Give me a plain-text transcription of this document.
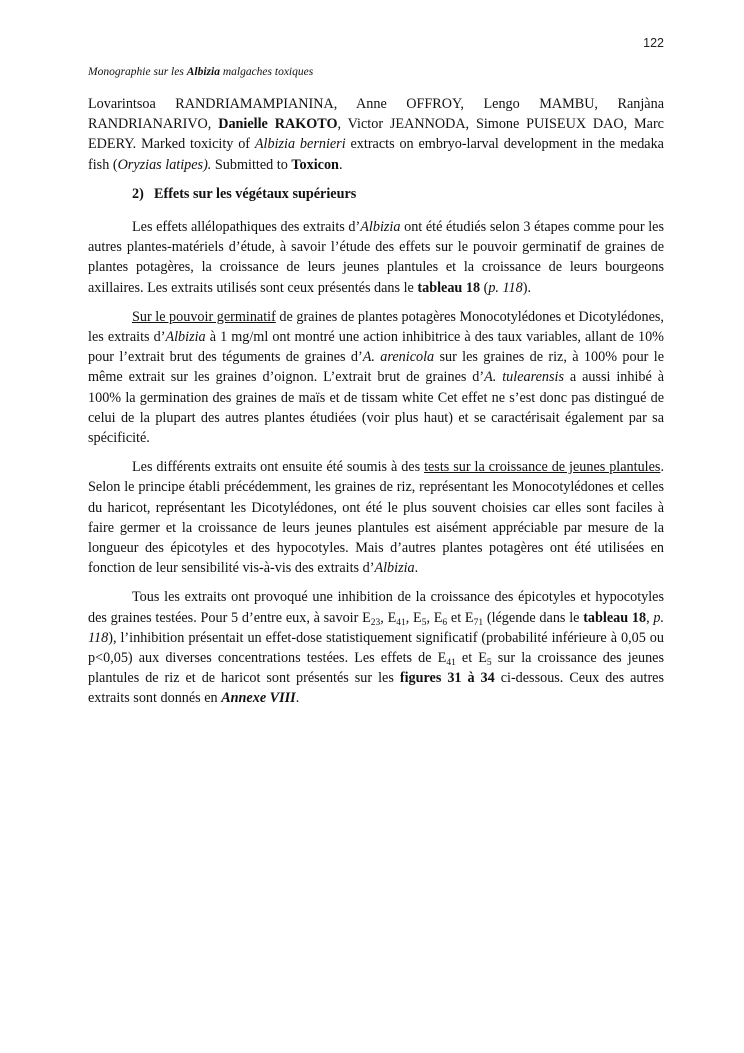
122
Monographie sur les Albizia malgaches toxiques

Lovarintsoa RANDRIAMAMPIANINA, Anne OFFROY, Lengo MAMBU, Ranjàna RANDRIANARIVO, Danielle RAKOTO, Victor JEANNODA, Simone PUISEUX DAO, Marc EDERY. Marked toxicity of Albizia bernieri extracts on embryo-larval development in the medaka fish (Oryzias latipes). Submitted to Toxicon.

2) Effets sur les végétaux supérieurs

Les effets allélopathiques des extraits d’Albizia ont été étudiés selon 3 étapes comme pour les autres plantes-matériels d’étude, à savoir l’étude des effets sur le pouvoir germinatif de graines de plantes potagères, la croissance de leurs jeunes plantules et la croissance de leurs bourgeons axillaires. Les extraits utilisés sont ceux présentés dans le tableau 18 (p. 118).

Sur le pouvoir germinatif de graines de plantes potagères Monocotylédones et Dicotylédones, les extraits d’Albizia à 1 mg/ml ont montré une action inhibitrice à des taux variables, allant de 10% pour l’extrait brut des téguments de graines d’A. arenicola sur les graines de riz, à 100% pour le même extrait sur les graines d’oignon. L’extrait brut de graines d’A. tulearensis a aussi inhibé à 100% la germination des graines de maïs et de tissam white Cet effet ne s’est donc pas distingué de celui de la plupart des autres plantes étudiées (voir plus haut) et se caractérisait également par sa spécificité.

Les différents extraits ont ensuite été soumis à des tests sur la croissance de jeunes plantules. Selon le principe établi précédemment, les graines de riz, représentant les Monocotylédones et celles du haricot, représentant les Dicotylédones, ont été le plus souvent choisies car elles sont faciles à faire germer et la croissance de leurs jeunes plantules est aisément appréciable par mesure de la longueur des épicotyles et des hypocotyles. Mais d’autres plantes potagères ont été utilisées en fonction de leur sensibilité vis-à-vis des extraits d’Albizia.

Tous les extraits ont provoqué une inhibition de la croissance des épicotyles et hypocotyles des graines testées. Pour 5 d’entre eux, à savoir $E_{23}$, $E_{41}$, $E_5$, $E_6$ et $E_{71}$ (légende dans le tableau 18, p. 118), l’inhibition présentait un effet-dose statistiquement significatif (probabilité inférieure à 0,05 ou p<0,05) aux diverses concentrations testées. Les effets de $E_{41}$ et $E_5$ sur la croissance des jeunes plantules de riz et de haricot sont présentés sur les figures 31 à 34 ci-dessous. Ceux des autres extraits sont donnés en Annexe VIII.
